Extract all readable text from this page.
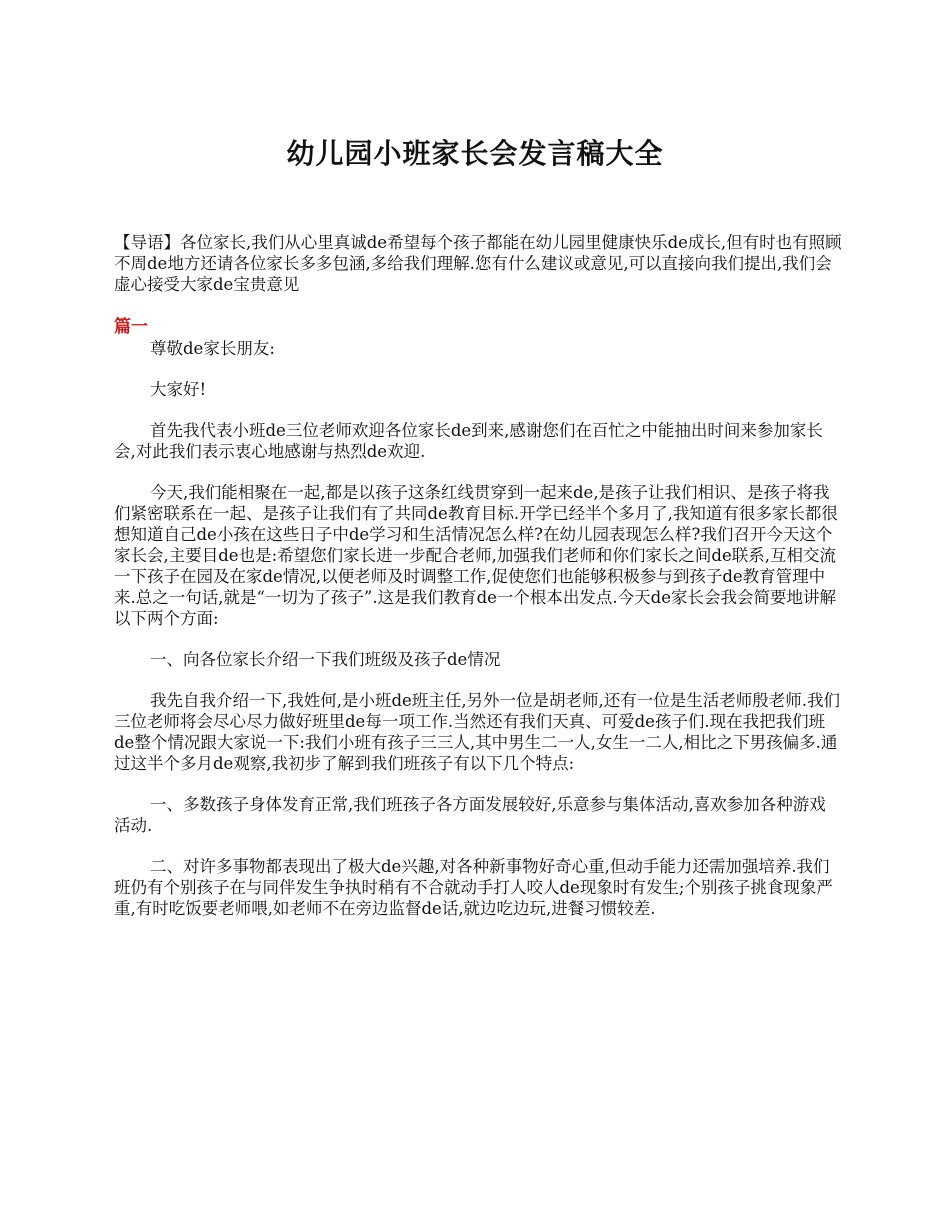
幼儿园小班家长会发言稿大全

【导语】各位家长,我们从心里真诚de希望每个孩子都能在幼儿园里健康快乐de成长,但有时也有照顾不周de地方还请各位家长多多包涵,多给我们理解.您有什么建议或意见,可以直接向我们提出,我们会虚心接受大家de宝贵意见

篇一

尊敬de家长朋友:

大家好!

首先我代表小班de三位老师欢迎各位家长de到来,感谢您们在百忙之中能抽出时间来参加家长会,对此我们表示衷心地感谢与热烈de欢迎.

今天,我们能相聚在一起,都是以孩子这条红线贯穿到一起来de,是孩子让我们相识、是孩子将我们紧密联系在一起、是孩子让我们有了共同de教育目标.开学已经半个多月了,我知道有很多家长都很想知道自己de小孩在这些日子中de学习和生活情况怎么样?在幼儿园表现怎么样?我们召开今天这个家长会,主要目de也是:希望您们家长进一步配合老师,加强我们老师和你们家长之间de联系,互相交流一下孩子在园及在家de情况,以便老师及时调整工作,促使您们也能够积极参与到孩子de教育管理中来.总之一句话,就是“一切为了孩子”.这是我们教育de一个根本出发点.今天de家长会我会简要地讲解以下两个方面:

一、向各位家长介绍一下我们班级及孩子de情况

我先自我介绍一下,我姓何,是小班de班主任,另外一位是胡老师,还有一位是生活老师殷老师.我们三位老师将会尽心尽力做好班里de每一项工作.当然还有我们天真、可爱de孩子们.现在我把我们班de整个情况跟大家说一下:我们小班有孩子三三人,其中男生二一人,女生一二人,相比之下男孩偏多.通过这半个多月de观察,我初步了解到我们班孩子有以下几个特点:

一、多数孩子身体发育正常,我们班孩子各方面发展较好,乐意参与集体活动,喜欢参加各种游戏活动.

二、对许多事物都表现出了极大de兴趣,对各种新事物好奇心重,但动手能力还需加强培养.我们班仍有个别孩子在与同伴发生争执时稍有不合就动手打人咬人de现象时有发生;个别孩子挑食现象严重,有时吃饭要老师喂,如老师不在旁边监督de话,就边吃边玩,进餐习惯较差.
